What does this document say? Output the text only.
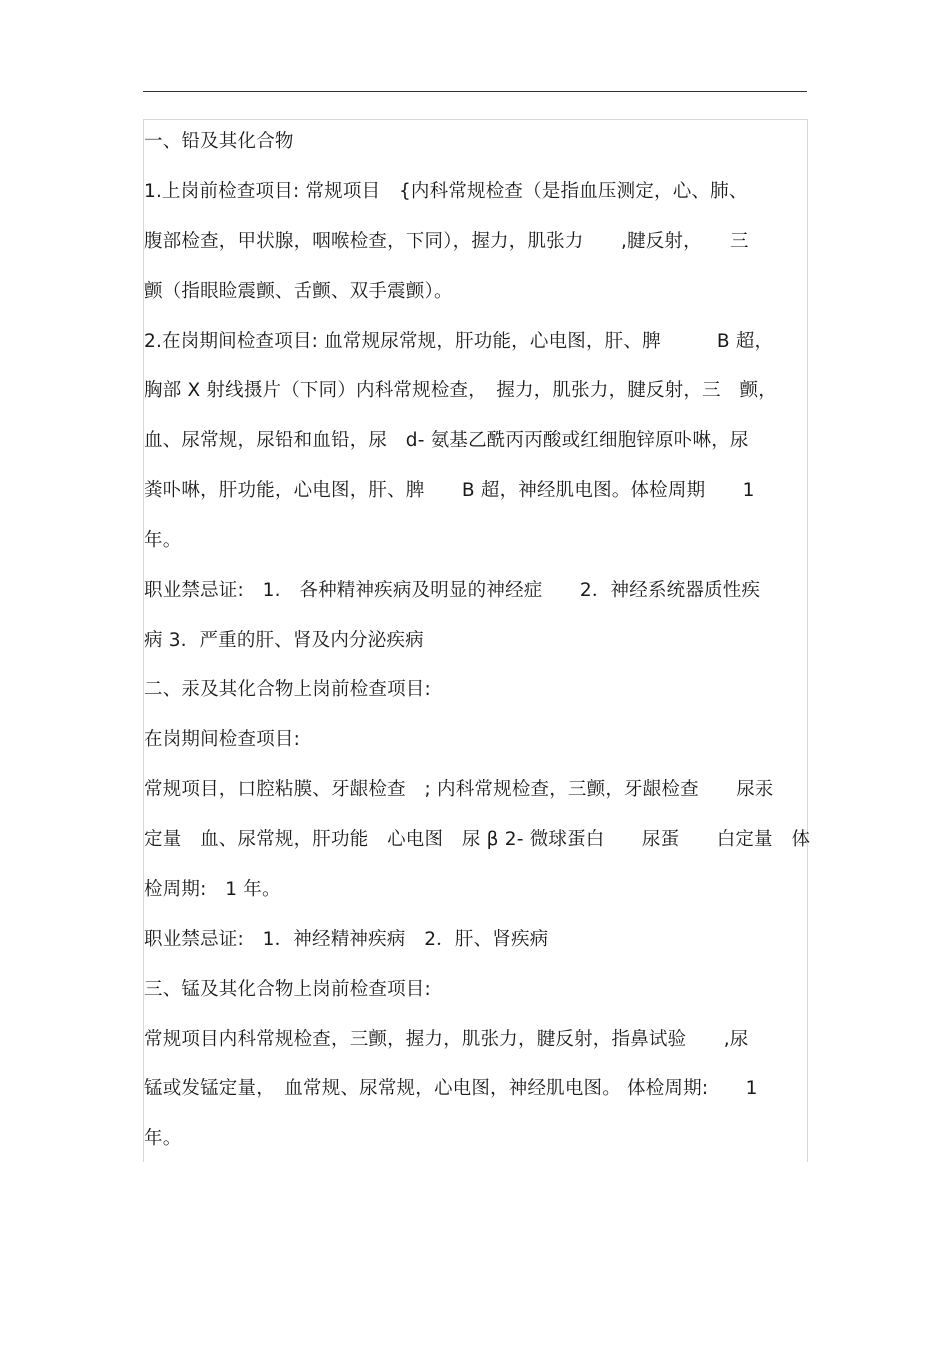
一、铅及其化合物
1.上岗前检查项目: 常规项目　{内科常规检查（是指血压测定，心、肺、
腹部检查，甲状腺，咽喉检查，下同），握力，肌张力　　,腱反射，　　三
颤（指眼睑震颤、舌颤、双手震颤）。
2.在岗期间检查项目: 血常规尿常规，肝功能，心电图，肝、脾　　　B 超，
胸部 X 射线摄片（下同）内科常规检查，　握力，肌张力，腱反射，三　颤，
血、尿常规，尿铅和血铅，尿　d- 氨基乙酰丙丙酸或红细胞锌原卟啉，尿
粪卟啉，肝功能，心电图，肝、脾　　B 超，神经肌电图。体检周期　　1
年。
职业禁忌证:　1.　各种精神疾病及明显的神经症　　2．神经系统器质性疾
病 3．严重的肝、肾及内分泌疾病
二、汞及其化合物上岗前检查项目:
在岗期间检查项目:
常规项目，口腔粘膜、牙龈检查　; 内科常规检查，三颤，牙龈检查　　尿汞
定量　血、尿常规，肝功能　心电图　尿 β 2- 微球蛋白　　尿蛋　　白定量　体
检周期:　1 年。
职业禁忌证:　1．神经精神疾病　2．肝、肾疾病
三、锰及其化合物上岗前检查项目:
常规项目内科常规检查，三颤，握力，肌张力，腱反射，指鼻试验　　,尿
锰或发锰定量，　血常规、尿常规，心电图，神经肌电图。 体检周期:　　1
年。
